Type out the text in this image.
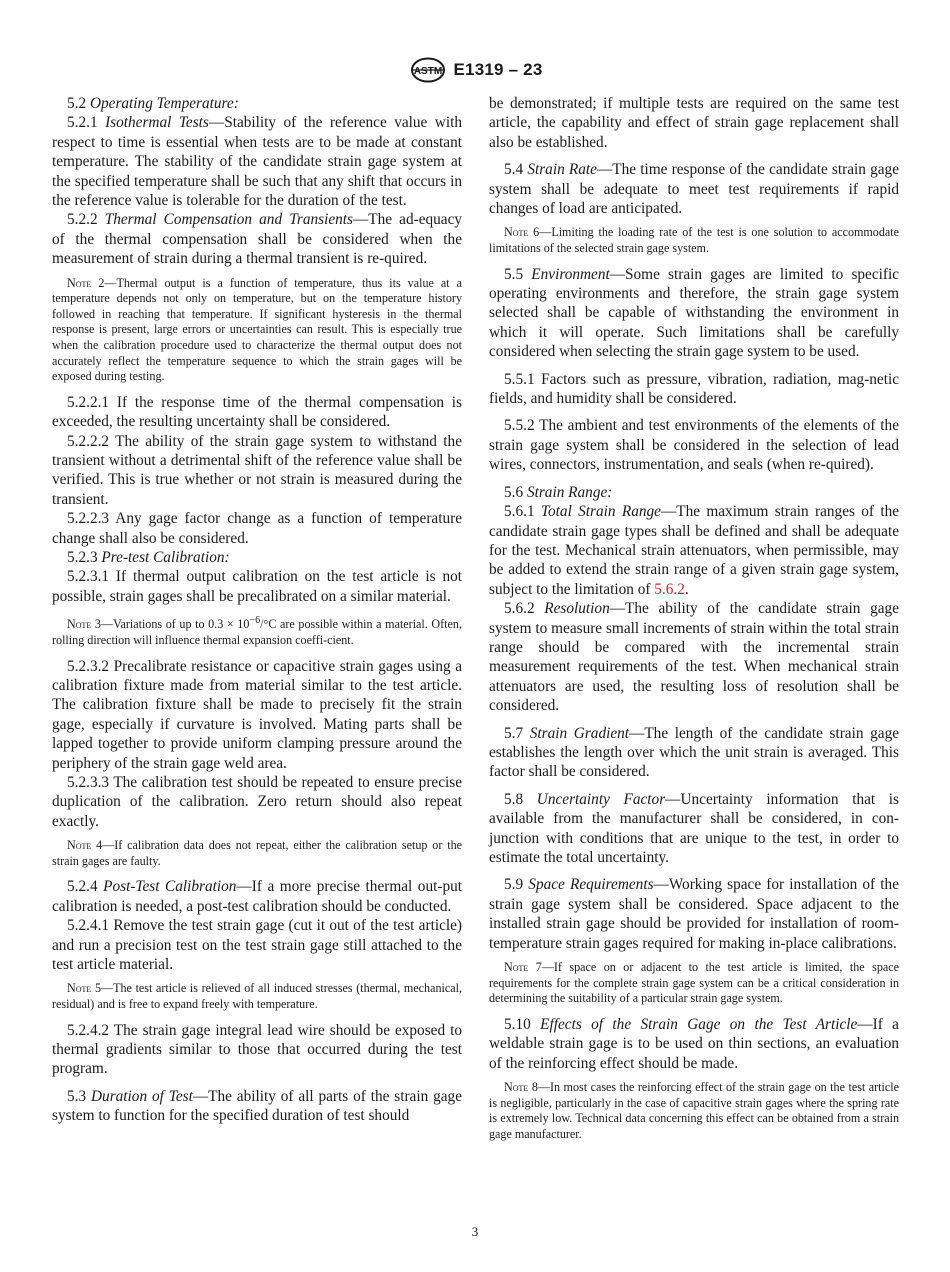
ASTM E1319 – 23

5.2 Operating Temperature:

5.2.1 Isothermal Tests—Stability of the reference value with respect to time is essential when tests are to be made at constant temperature. The stability of the candidate strain gage system at the specified temperature shall be such that any shift that occurs in the reference value is tolerable for the duration of the test.

5.2.2 Thermal Compensation and Transients—The ad-equacy of the thermal compensation shall be considered when the measurement of strain during a thermal transient is re-quired.

Note 2—Thermal output is a function of temperature, thus its value at a temperature depends not only on temperature, but on the temperature history followed in reaching that temperature. If significant hysteresis in the thermal response is present, large errors or uncertainties can result. This is especially true when the calibration procedure used to characterize the thermal output does not accurately reflect the temperature sequence to which the strain gages will be exposed during testing.

5.2.2.1 If the response time of the thermal compensation is exceeded, the resulting uncertainty shall be considered.

5.2.2.2 The ability of the strain gage system to withstand the transient without a detrimental shift of the reference value shall be verified. This is true whether or not strain is measured during the transient.

5.2.2.3 Any gage factor change as a function of temperature change shall also be considered.

5.2.3 Pre-test Calibration:

5.2.3.1 If thermal output calibration on the test article is not possible, strain gages shall be precalibrated on a similar material.

Note 3—Variations of up to $0.3 \times 10^{-6}/^\circ C$ are possible within a material. Often, rolling direction will influence thermal expansion coeffi-cient.

5.2.3.2 Precalibrate resistance or capacitive strain gages using a calibration fixture made from material similar to the test article. The calibration fixture shall be made to precisely fit the strain gage, especially if curvature is involved. Mating parts shall be lapped together to provide uniform clamping pressure around the periphery of the strain gage weld area.

5.2.3.3 The calibration test should be repeated to ensure precise duplication of the calibration. Zero return should also repeat exactly.

Note 4—If calibration data does not repeat, either the calibration setup or the strain gages are faulty.

5.2.4 Post-Test Calibration—If a more precise thermal out-put calibration is needed, a post-test calibration should be conducted.

5.2.4.1 Remove the test strain gage (cut it out of the test article) and run a precision test on the test strain gage still attached to the test article material.

Note 5—The test article is relieved of all induced stresses (thermal, mechanical, residual) and is free to expand freely with temperature.

5.2.4.2 The strain gage integral lead wire should be exposed to thermal gradients similar to those that occurred during the test program.

5.3 Duration of Test—The ability of all parts of the strain gage system to function for the specified duration of test should

be demonstrated; if multiple tests are required on the same test article, the capability and effect of strain gage replacement shall also be established.

5.4 Strain Rate—The time response of the candidate strain gage system shall be adequate to meet test requirements if rapid changes of load are anticipated.

Note 6—Limiting the loading rate of the test is one solution to accommodate limitations of the selected strain gage system.

5.5 Environment—Some strain gages are limited to specific operating environments and therefore, the strain gage system selected shall be capable of withstanding the environment in which it will operate. Such limitations shall be carefully considered when selecting the strain gage system to be used.

5.5.1 Factors such as pressure, vibration, radiation, mag-netic fields, and humidity shall be considered.

5.5.2 The ambient and test environments of the elements of the strain gage system shall be considered in the selection of lead wires, connectors, instrumentation, and seals (when re-quired).

5.6 Strain Range:

5.6.1 Total Strain Range—The maximum strain ranges of the candidate strain gage types shall be defined and shall be adequate for the test. Mechanical strain attenuators, when permissible, may be added to extend the strain range of a given strain gage system, subject to the limitation of 5.6.2.

5.6.2 Resolution—The ability of the candidate strain gage system to measure small increments of strain within the total strain range should be compared with the incremental strain measurement requirements of the test. When mechanical strain attenuators are used, the resulting loss of resolution shall be considered.

5.7 Strain Gradient—The length of the candidate strain gage establishes the length over which the unit strain is averaged. This factor shall be considered.

5.8 Uncertainty Factor—Uncertainty information that is available from the manufacturer shall be considered, in con-junction with conditions that are unique to the test, in order to estimate the total uncertainty.

5.9 Space Requirements—Working space for installation of the strain gage system shall be considered. Space adjacent to the installed strain gage should be provided for installation of room-temperature strain gages required for making in-place calibrations.

Note 7—If space on or adjacent to the test article is limited, the space requirements for the complete strain gage system can be a critical consideration in determining the suitability of a particular strain gage system.

5.10 Effects of the Strain Gage on the Test Article—If a weldable strain gage is to be used on thin sections, an evaluation of the reinforcing effect should be made.

Note 8—In most cases the reinforcing effect of the strain gage on the test article is negligible, particularly in the case of capacitive strain gages where the spring rate is extremely low. Technical data concerning this effect can be obtained from a strain gage manufacturer.

3
